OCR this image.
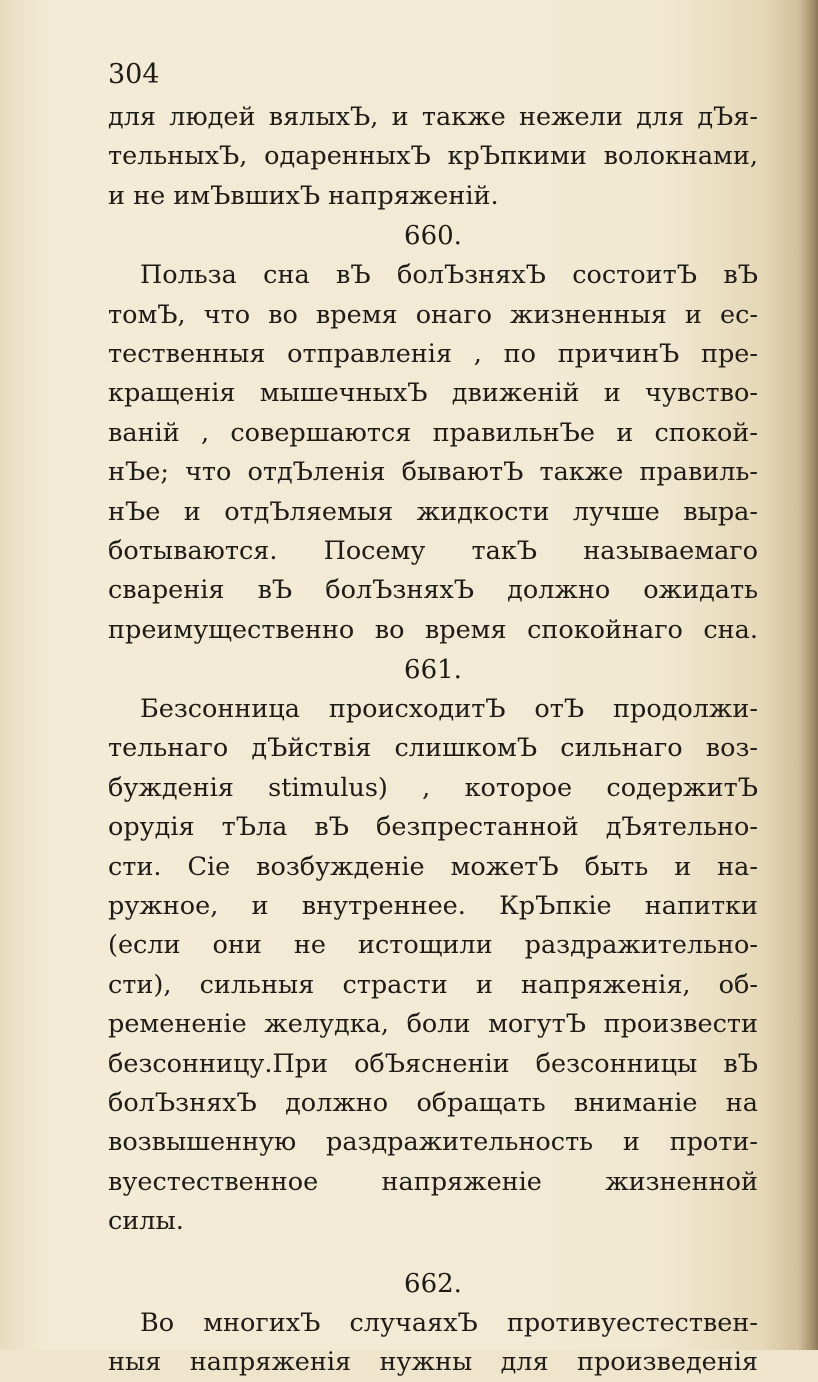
304
для людей вялыхЪ, и также нежели для дЪя-
тельныхЪ, одаренныхЪ крЪпкими волокнами,
и не имЪвшихЪ напряженій.
660.
Польза сна вЪ болЪзняхЪ состоитЪ вЪ
томЪ, что во время онаго жизненныя и ес-
тественныя отправленія , по причинЪ пре-
кращенія мышечныхЪ движеній и чувство-
ваній , совершаются правильнЪе и спокой-
нЪе; что отдЪленія бываютЪ также правиль-
нЪе и отдЪляемыя жидкости лучше выра-
ботываются. Посему такЪ называемаго
сваренія вЪ болЪзняхЪ должно ожидать
преимущественно во время спокойнаго сна.
661.
Безсонница происходитЪ отЪ продолжи-
тельнаго дЪйствія слишкомЪ сильнаго воз-
бужденія stimulus) , которое содержитЪ
орудія тЪла вЪ безпрестанной дЪятельно-
сти. Сіе возбужденіе можетЪ быть и на-
ружное, и внутреннее. КрЪпкіе напитки
(если они не истощили раздражительно-
сти), сильныя страсти и напряженія, об-
ремененіе желудка, боли могутЪ произвести
безсонницу.При обЪясненіи безсонницы вЪ
болЪзняхЪ должно обращать вниманіе на
возвышенную раздражительность и проти-
вуестественное напряженіе жизненной
силы.
662.
Во многихЪ случаяхЪ противуестествен-
ныя напряженія нужны для произведенія
